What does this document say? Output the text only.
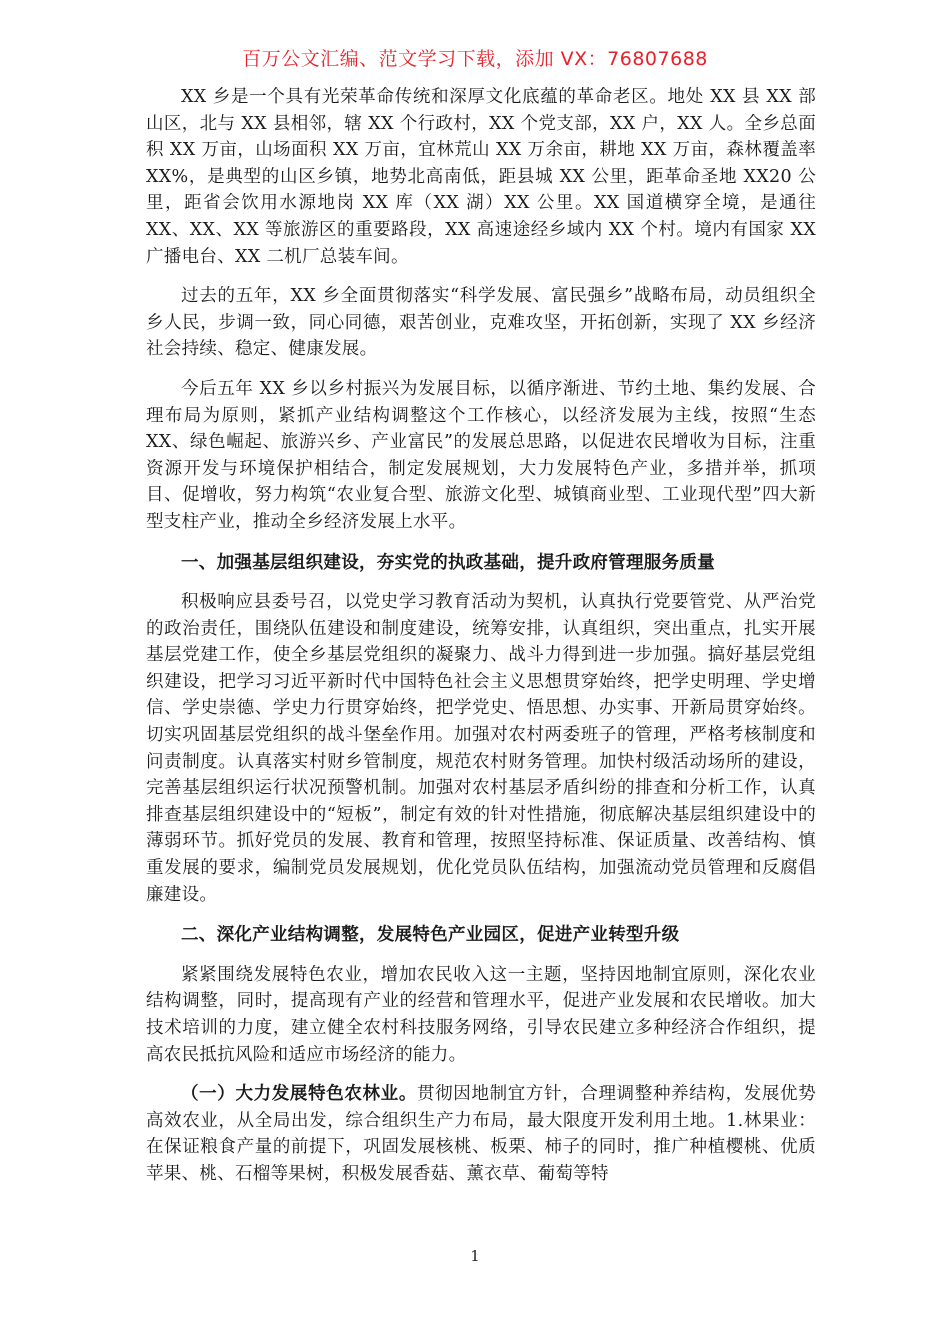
百万公文汇编、范文学习下载，添加 VX：76807688

XX 乡是一个具有光荣革命传统和深厚文化底蕴的革命老区。地处 XX 县 XX 部山区，北与 XX 县相邻，辖 XX 个行政村，XX 个党支部，XX 户，XX 人。全乡总面积 XX 万亩，山场面积 XX 万亩，宜林荒山 XX 万余亩，耕地 XX 万亩，森林覆盖率 XX%，是典型的山区乡镇，地势北高南低，距县城 XX 公里，距革命圣地 XX20 公里，距省会饮用水源地岗 XX 库（XX 湖）XX 公里。XX 国道横穿全境，是通往 XX、XX、XX 等旅游区的重要路段，XX 高速途经乡域内 XX 个村。境内有国家 XX 广播电台、XX 二机厂总装车间。

过去的五年，XX 乡全面贯彻落实“科学发展、富民强乡”战略布局，动员组织全乡人民，步调一致，同心同德，艰苦创业，克难攻坚，开拓创新，实现了 XX 乡经济社会持续、稳定、健康发展。

今后五年 XX 乡以乡村振兴为发展目标，以循序渐进、节约土地、集约发展、合理布局为原则，紧抓产业结构调整这个工作核心，以经济发展为主线，按照“生态 XX、绿色崛起、旅游兴乡、产业富民”的发展总思路，以促进农民增收为目标，注重资源开发与环境保护相结合，制定发展规划，大力发展特色产业，多措并举，抓项目、促增收，努力构筑“农业复合型、旅游文化型、城镇商业型、工业现代型”四大新型支柱产业，推动全乡经济发展上水平。

一、加强基层组织建设，夯实党的执政基础，提升政府管理服务质量

积极响应县委号召，以党史学习教育活动为契机，认真执行党要管党、从严治党的政治责任，围绕队伍建设和制度建设，统筹安排，认真组织，突出重点，扎实开展基层党建工作，使全乡基层党组织的凝聚力、战斗力得到进一步加强。搞好基层党组织建设，把学习习近平新时代中国特色社会主义思想贯穿始终，把学史明理、学史增信、学史崇德、学史力行贯穿始终，把学党史、悟思想、办实事、开新局贯穿始终。切实巩固基层党组织的战斗堡垒作用。加强对农村两委班子的管理，严格考核制度和问责制度。认真落实村财乡管制度，规范农村财务管理。加快村级活动场所的建设，完善基层组织运行状况预警机制。加强对农村基层矛盾纠纷的排查和分析工作，认真排查基层组织建设中的“短板”，制定有效的针对性措施，彻底解决基层组织建设中的薄弱环节。抓好党员的发展、教育和管理，按照坚持标准、保证质量、改善结构、慎重发展的要求，编制党员发展规划，优化党员队伍结构，加强流动党员管理和反腐倡廉建设。

二、深化产业结构调整，发展特色产业园区，促进产业转型升级

紧紧围绕发展特色农业，增加农民收入这一主题，坚持因地制宜原则，深化农业结构调整，同时，提高现有产业的经营和管理水平，促进产业发展和农民增收。加大技术培训的力度，建立健全农村科技服务网络，引导农民建立多种经济合作组织，提高农民抵抗风险和适应市场经济的能力。

（一）大力发展特色农林业。贯彻因地制宜方针，合理调整种养结构，发展优势高效农业，从全局出发，综合组织生产力布局，最大限度开发利用土地。1.林果业：在保证粮食产量的前提下，巩固发展核桃、板栗、柿子的同时，推广种植樱桃、优质苹果、桃、石榴等果树，积极发展香菇、薰衣草、葡萄等特

1
